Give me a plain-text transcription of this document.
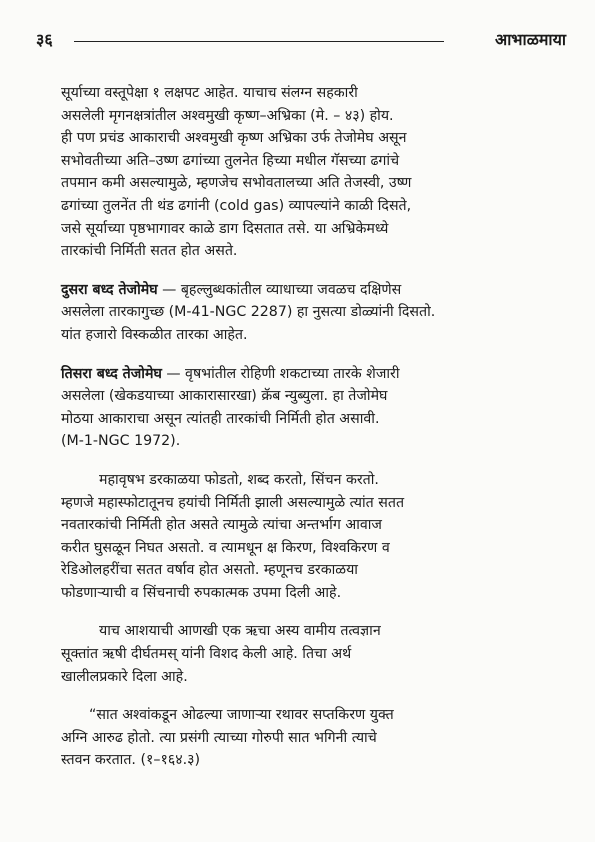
३६	आभाळमाया

सूर्याच्या वस्तूपेक्षा १ लक्षपट आहेत. याचाच संलग्न सहकारी
असलेली मृगनक्षत्रांतील अश्वमुखी कृष्ण–अभ्रिका (मे. – ४३) होय.
ही पण प्रचंड आकाराची अश्वमुखी कृष्ण अभ्रिका उर्फ तेजोमेघ असून
सभोवतीच्या अति–उष्ण ढगांच्या तुलनेत हिच्या मधील गॅसच्या ढगांचे
तपमान कमी असल्यामुळे, म्हणजेच सभोवतालच्या अति तेजस्वी, उष्ण
ढगांच्या तुलनेंत ती थंड ढगांनी (cold gas) व्यापल्यांने काळी दिसते,
जसे सूर्याच्या पृष्ठभागावर काळे डाग दिसतात तसे. या अभ्रिकेमध्ये
तारकांची निर्मिती सतत होत असते.

दुसरा बध्द तेजोमेघ — बृहल्लुब्धकांतील व्याधाच्या जवळच दक्षिणेस
असलेला तारकागुच्छ (M-41-NGC 2287) हा नुसत्या डोळ्यांनी दिसतो.
यांत हजारो विस्कळीत तारका आहेत.

तिसरा बध्द तेजोमेघ — वृषभांतील रोहिणी शकटाच्या तारके शेजारी
असलेला (खेकडयाच्या आकारासारखा) क्रॅब न्युब्युला. हा तेजोमेघ
मोठया आकाराचा असून त्यांतही तारकांची निर्मिती होत असावी.
(M-1-NGC 1972).

महावृषभ डरकाळया फोडतो, शब्द करतो, सिंचन करतो.
म्हणजे महास्फोटातूनच हयांची निर्मिती झाली असल्यामुळे त्यांत सतत
नवतारकांची निर्मिती होत असते त्यामुळे त्यांचा अन्तर्भाग आवाज
करीत घुसळून निघत असतो. व त्यामधून क्ष किरण, विश्वकिरण व
रेडिओलहरींचा सतत वर्षाव होत असतो. म्हणूनच डरकाळया
फोडणाऱ्याची व सिंचनाची रुपकात्मक उपमा दिली आहे.

याच आशयाची आणखी एक ऋचा अस्य वामीय तत्वज्ञान
सूक्तांत ऋषी दीर्घतमस् यांनी विशद केली आहे. तिचा अर्थ
खालीलप्रकारे दिला आहे.

“सात अश्वांकडून ओढल्या जाणाऱ्या रथावर सप्तकिरण युक्त
अग्नि आरुढ होतो. त्या प्रसंगी त्याच्या गोरुपी सात भगिनी त्याचे
स्तवन करतात. (१–१६४.३)
